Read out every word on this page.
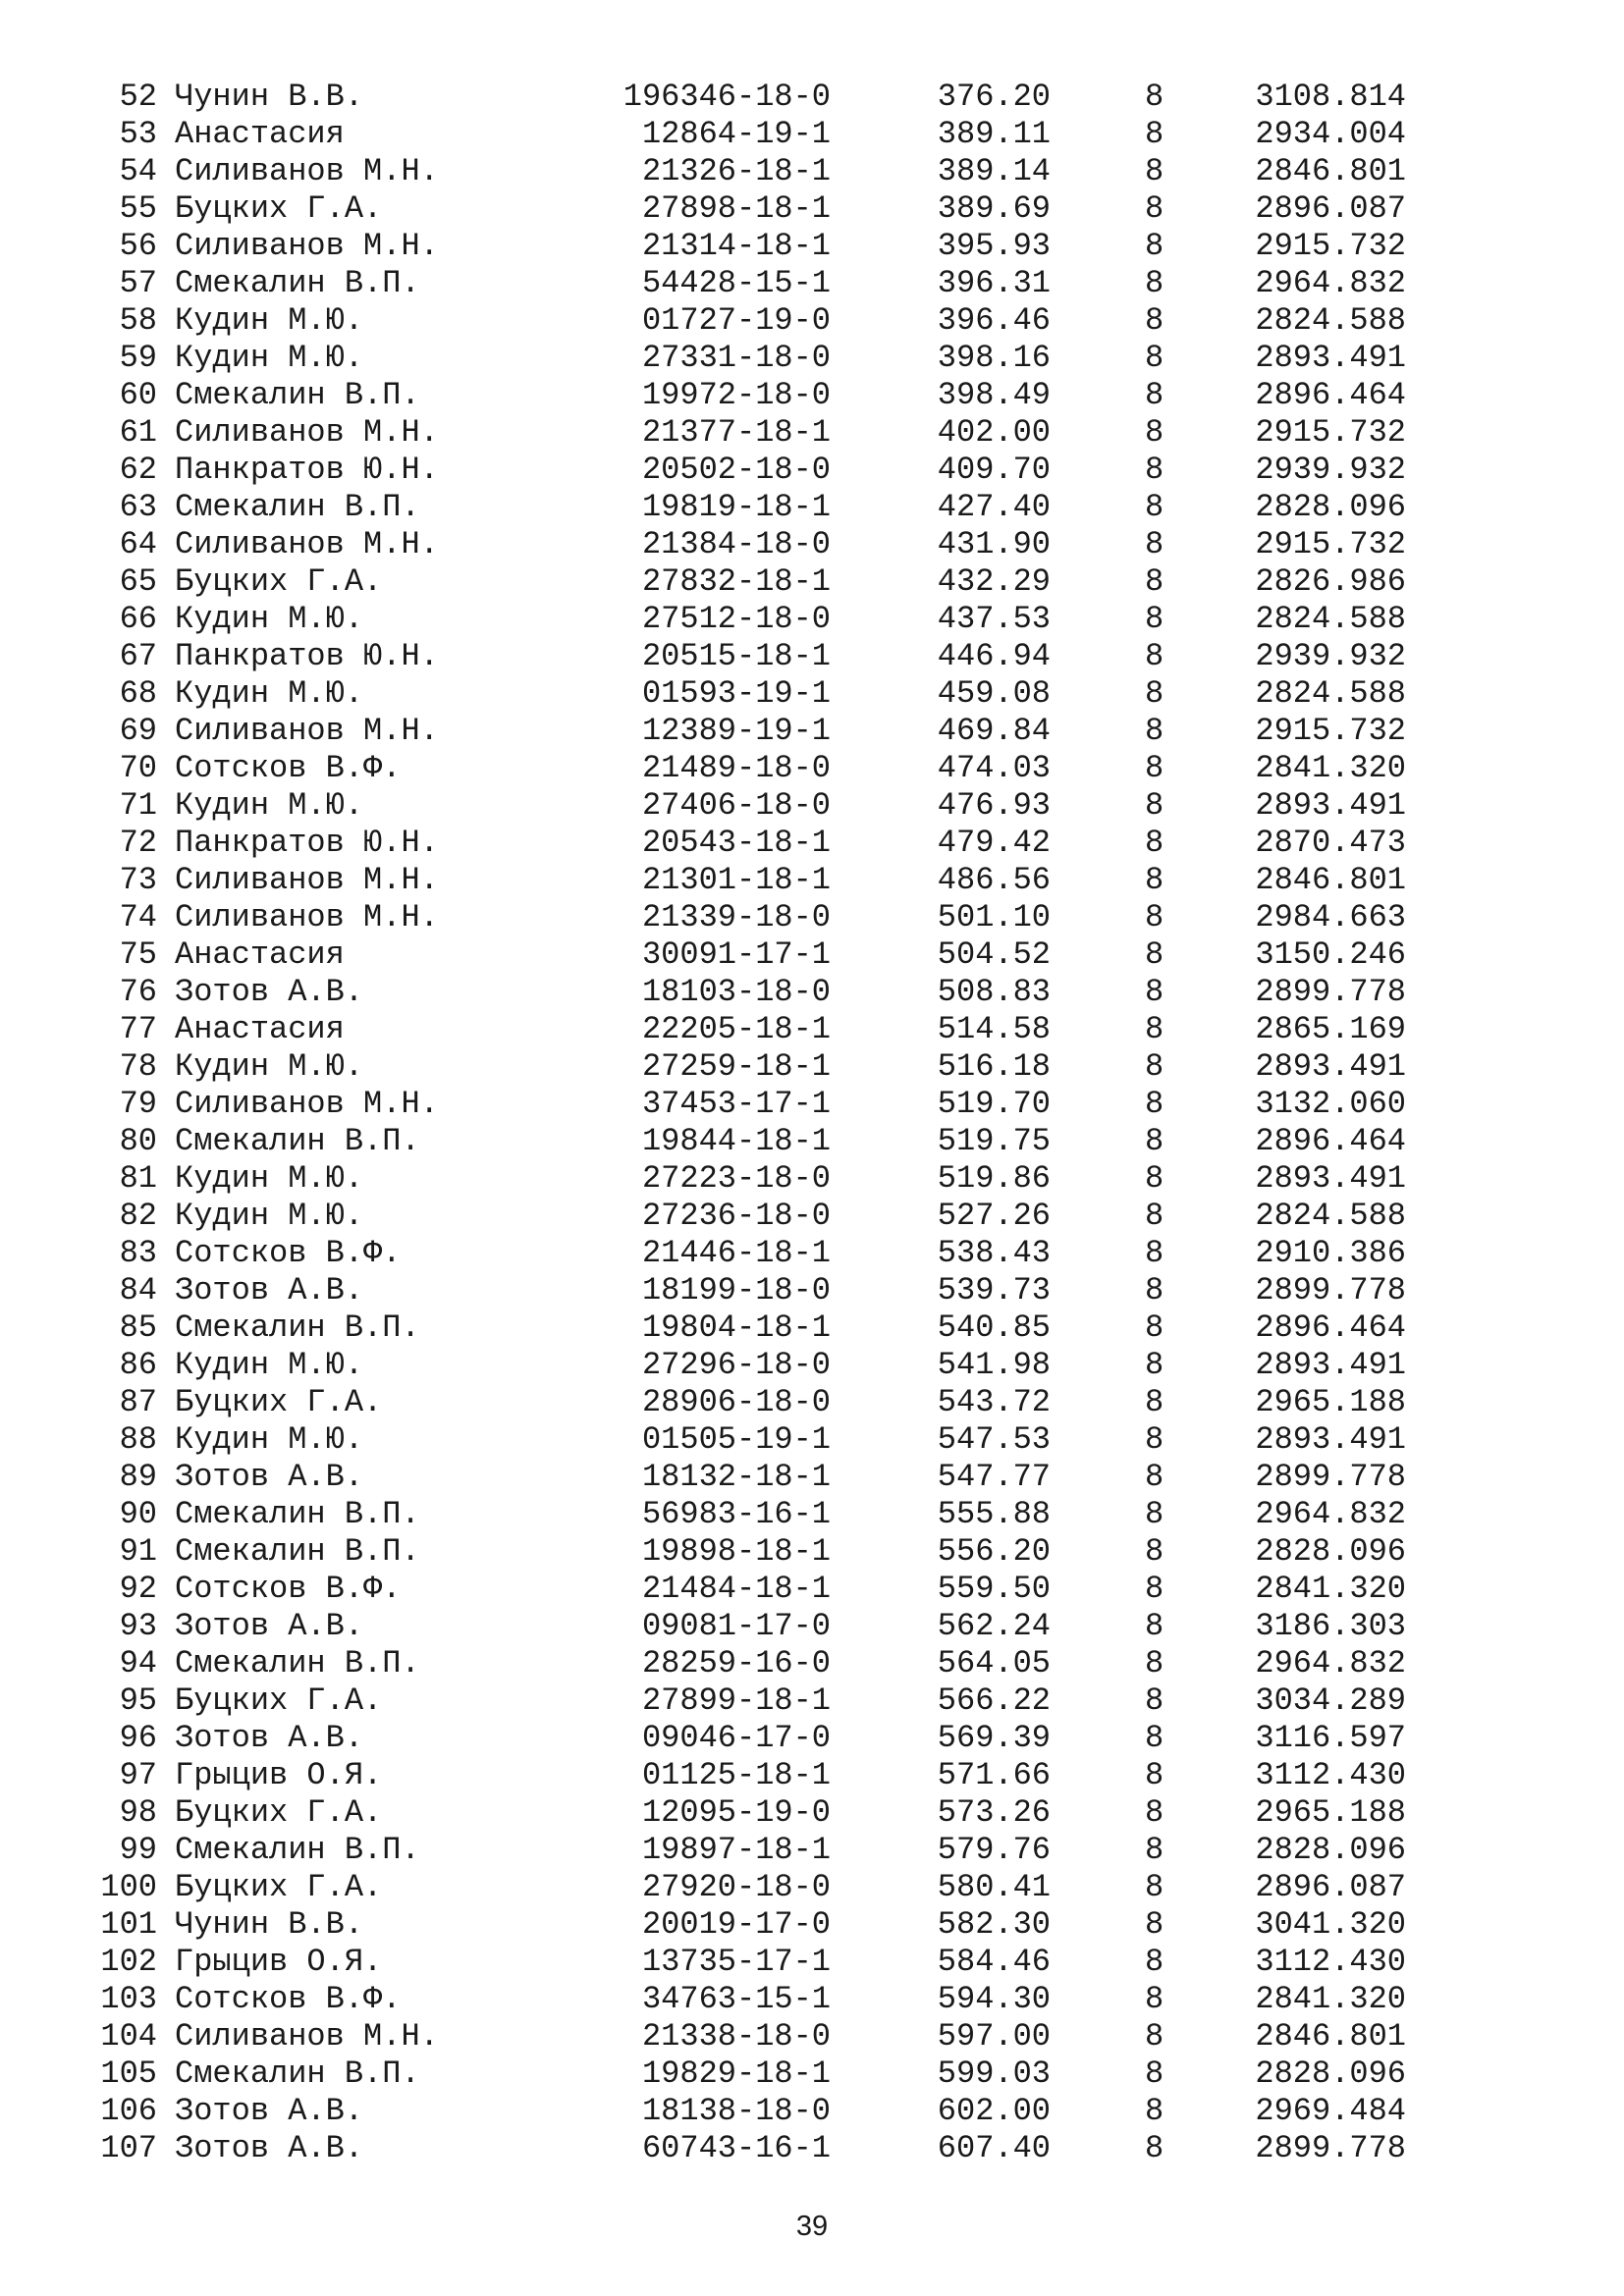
52 Чунин В.В.	196346-18-0	376.20	8	3108.814
53 Анастасия	12864-19-1	389.11	8	2934.004
54 Силиванов М.Н.	21326-18-1	389.14	8	2846.801
55 Буцких Г.А.	27898-18-1	389.69	8	2896.087
56 Силиванов М.Н.	21314-18-1	395.93	8	2915.732
57 Смекалин В.П.	54428-15-1	396.31	8	2964.832
58 Кудин М.Ю.	01727-19-0	396.46	8	2824.588
59 Кудин М.Ю.	27331-18-0	398.16	8	2893.491
60 Смекалин В.П.	19972-18-0	398.49	8	2896.464
61 Силиванов М.Н.	21377-18-1	402.00	8	2915.732
62 Панкратов Ю.Н.	20502-18-0	409.70	8	2939.932
63 Смекалин В.П.	19819-18-1	427.40	8	2828.096
64 Силиванов М.Н.	21384-18-0	431.90	8	2915.732
65 Буцких Г.А.	27832-18-1	432.29	8	2826.986
66 Кудин М.Ю.	27512-18-0	437.53	8	2824.588
67 Панкратов Ю.Н.	20515-18-1	446.94	8	2939.932
68 Кудин М.Ю.	01593-19-1	459.08	8	2824.588
69 Силиванов М.Н.	12389-19-1	469.84	8	2915.732
70 Сотсков В.Ф.	21489-18-0	474.03	8	2841.320
71 Кудин М.Ю.	27406-18-0	476.93	8	2893.491
72 Панкратов Ю.Н.	20543-18-1	479.42	8	2870.473
73 Силиванов М.Н.	21301-18-1	486.56	8	2846.801
74 Силиванов М.Н.	21339-18-0	501.10	8	2984.663
75 Анастасия	30091-17-1	504.52	8	3150.246
76 Зотов А.В.	18103-18-0	508.83	8	2899.778
77 Анастасия	22205-18-1	514.58	8	2865.169
78 Кудин М.Ю.	27259-18-1	516.18	8	2893.491
79 Силиванов М.Н.	37453-17-1	519.70	8	3132.060
80 Смекалин В.П.	19844-18-1	519.75	8	2896.464
81 Кудин М.Ю.	27223-18-0	519.86	8	2893.491
82 Кудин М.Ю.	27236-18-0	527.26	8	2824.588
83 Сотсков В.Ф.	21446-18-1	538.43	8	2910.386
84 Зотов А.В.	18199-18-0	539.73	8	2899.778
85 Смекалин В.П.	19804-18-1	540.85	8	2896.464
86 Кудин М.Ю.	27296-18-0	541.98	8	2893.491
87 Буцких Г.А.	28906-18-0	543.72	8	2965.188
88 Кудин М.Ю.	01505-19-1	547.53	8	2893.491
89 Зотов А.В.	18132-18-1	547.77	8	2899.778
90 Смекалин В.П.	56983-16-1	555.88	8	2964.832
91 Смекалин В.П.	19898-18-1	556.20	8	2828.096
92 Сотсков В.Ф.	21484-18-1	559.50	8	2841.320
93 Зотов А.В.	09081-17-0	562.24	8	3186.303
94 Смекалин В.П.	28259-16-0	564.05	8	2964.832
95 Буцких Г.А.	27899-18-1	566.22	8	3034.289
96 Зотов А.В.	09046-17-0	569.39	8	3116.597
97 Грыцив О.Я.	01125-18-1	571.66	8	3112.430
98 Буцких Г.А.	12095-19-0	573.26	8	2965.188
99 Смекалин В.П.	19897-18-1	579.76	8	2828.096
100 Буцких Г.А.	27920-18-0	580.41	8	2896.087
101 Чунин В.В.	20019-17-0	582.30	8	3041.320
102 Грыцив О.Я.	13735-17-1	584.46	8	3112.430
103 Сотсков В.Ф.	34763-15-1	594.30	8	2841.320
104 Силиванов М.Н.	21338-18-0	597.00	8	2846.801
105 Смекалин В.П.	19829-18-1	599.03	8	2828.096
106 Зотов А.В.	18138-18-0	602.00	8	2969.484
107 Зотов А.В.	60743-16-1	607.40	8	2899.778
39
